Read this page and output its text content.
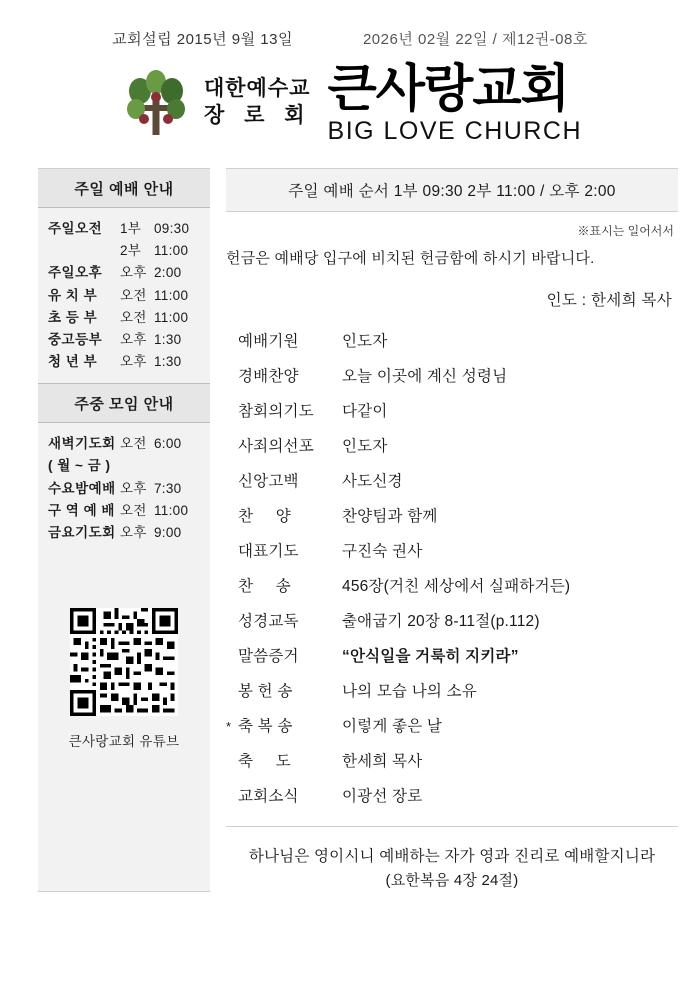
교회설립 2015년 9월 13일	2026년 02월 22일 / 제12권-08호
대한예수교
장 로 회 큰사랑교회
BIG LOVE CHURCH
주일 예배 안내
주일오전	1부 09:30
2부 11:00
주일오후	오후 2:00
유 치 부	오전 11:00
초 등 부	오전 11:00
중고등부	오후 1:30
청 년 부	오후 1:30
주중 모임 안내
새벽기도회 오전 6:00
( 월 ~ 금 )
수요밤예배 오후 7:30
구 역 예 배 오전 11:00
금요기도회 오후 9:00
큰사랑교회 유튜브
주일 예배 순서 1부 09:30 2부 11:00 / 오후 2:00
※표시는 일어서서
헌금은 예배당 입구에 비치된 헌금함에 하시기 바랍니다.
인도 : 한세희 목사
예배기원	인도자
경배찬양	오늘 이곳에 계신 성령님
참회의기도	다같이
사죄의선포	인도자
신앙고백	사도신경
찬     양	찬양팀과 함께
대표기도	구진숙 권사
찬     송	456장(거친 세상에서 실패하거든)
성경교독	출애굽기 20장 8-11절(p.112)
말씀증거	“안식일을 거룩히 지키라”
봉 헌 송	나의 모습 나의 소유
* 축 복 송	이렇게 좋은 날
축     도	한세희 목사
교회소식	이광선 장로
하나님은 영이시니 예배하는 자가 영과 진리로 예배할지니라
(요한복음 4장 24절)
